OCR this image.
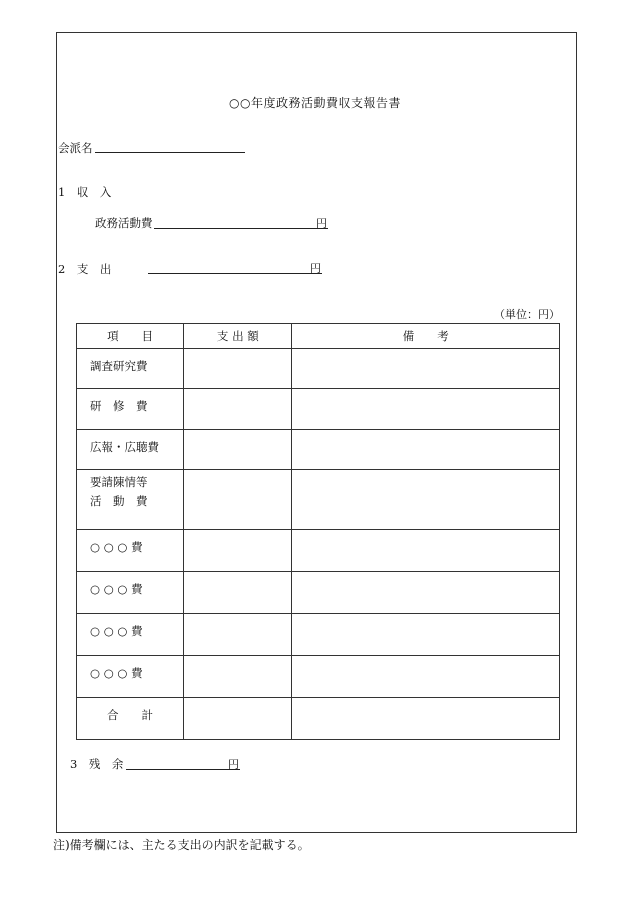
○○年度政務活動費収支報告書
会派名
1　収　入
政務活動費	円
2　支　出	円
（単位：円）
項　　目	支 出 額	備　　考

調査研究費		

研　修　費		

広報・広聴費		

要請陳情等
活　動　費		

○ ○ ○ 費		

○ ○ ○ 費		

○ ○ ○ 費		

○ ○ ○ 費		

合　　計		

3　残　余	円
注)備考欄には、主たる支出の内訳を記載する。
